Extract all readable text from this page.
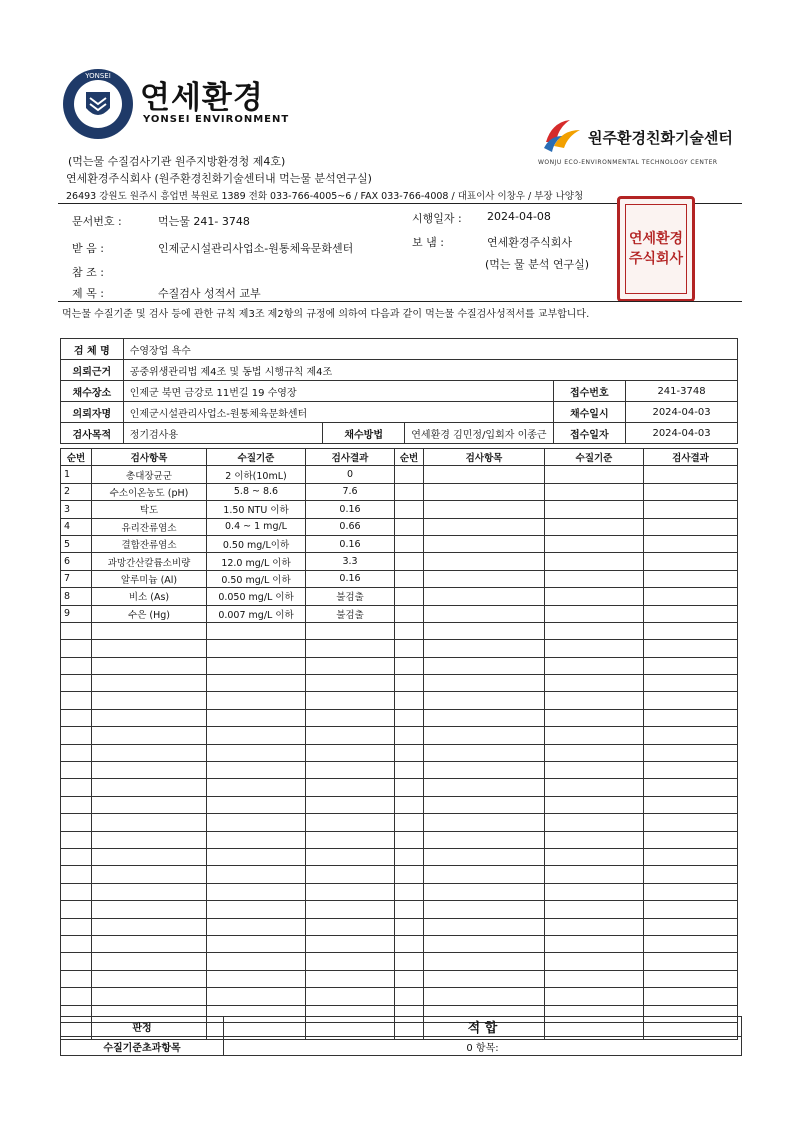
YONSEI
연세환경
YONSEI ENVIRONMENT
원주환경친화기술센터
WONJU ECO-ENVIRONMENTAL TECHNOLOGY CENTER
(먹는물 수질검사기관 원주지방환경청 제4호)
연세환경주식회사 (원주환경친화기술센터내 먹는물 분석연구실)
26493 강원도 원주시 흥업면 북원로 1389 전화 033-766-4005~6 / FAX 033-766-4008 / 대표이사 이창우 / 부장 나양청
문서번호 :	먹는물 241- 3748	시행일자 : 2024-04-08
받 음 :	인제군시설관리사업소-원통체육문화센터	보 냄 :	연세환경주식회사
(먹는 물 분석 연구실)
참 조 :
제 목 :	수질검사 성적서 교부
연세환경
주식회사
먹는물 수질기준 및 검사 등에 관한 규칙 제3조 제2항의 규정에 의하여 다음과 같이 먹는물 수질검사성적서를 교부합니다.
검 체 명	수영장업 욕수				
의뢰근거	공중위생관리법 제4조 및 동법 시행규칙 제4조				
채수장소	인제군 북면 금강로 11번길 19 수영장			접수번호	241-3748
의뢰자명	인제군시설관리사업소-원통체육문화센터			채수일시	2024-04-03
검사목적	정기검사용	채수방법	연세환경 김민정/입회자 이종근	접수일자	2024-04-03
순번	검사항목	수질기준	검사결과	순번	검사항목	수질기준	검사결과
1	총대장균군	2 이하(10mL)	0				
2	수소이온농도 (pH)	5.8 ~ 8.6	7.6				
3	탁도	1.50 NTU 이하	0.16				
4	유리잔류염소	0.4 ~ 1 mg/L	0.66				
5	결합잔류염소	0.50 mg/L이하	0.16				
6	과망간산칼륨소비량	12.0 mg/L 이하	3.3				
7	알루미늄 (Al)	0.50 mg/L 이하	0.16				
8	비소 (As)	0.050 mg/L 이하	불검출				
9	수은 (Hg)	0.007 mg/L 이하	불검출				

판정	적 합
수질기준초과항목	0 항목:
